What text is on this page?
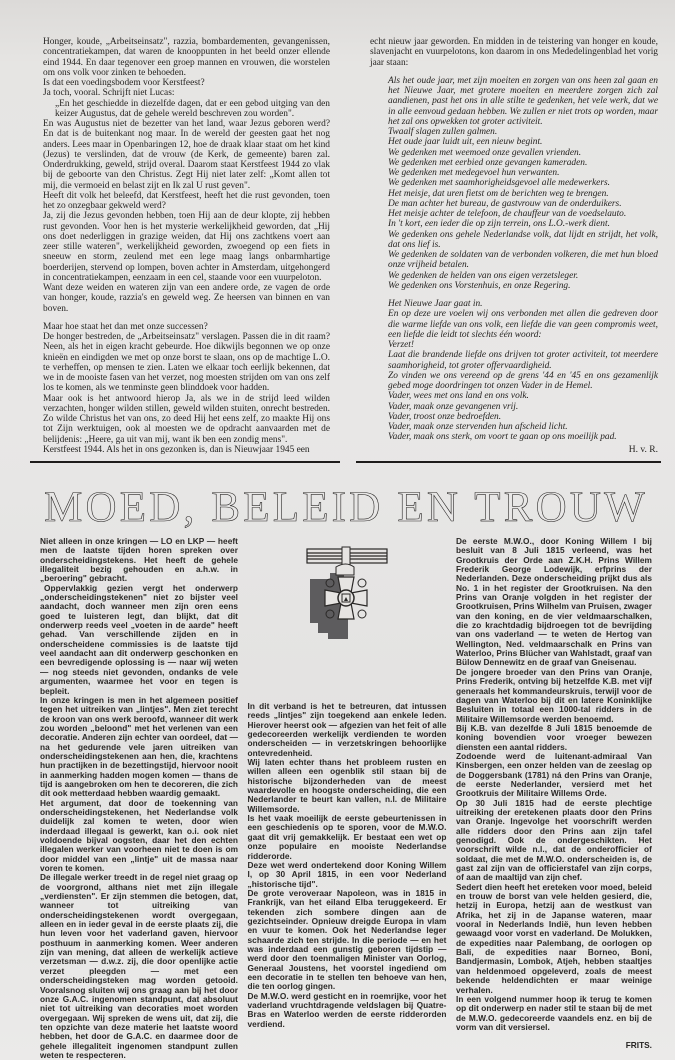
Honger, koude, „Arbeitseinsatz", razzia, bombardementen, gevangenissen, concentratiekampen, dat waren de knooppunten in het beeld onzer ellende eind 1944. En daar tegenover een groep mannen en vrouwen, die worstelen om ons volk voor zinken te behoeden.

Is dat een voedingsbodem voor Kerstfeest?

Ja toch, vooral. Schrijft niet Lucas:

„En het geschiedde in diezelfde dagen, dat er een gebod uitging van den keizer Augustus, dat de gehele wereld beschreven zou worden".

En was Augustus niet de bezetter van het land, waar Jezus geboren werd? En dat is de buitenkant nog maar. In de wereld der geesten gaat het nog anders. Lees maar in Openbaringen 12, hoe de draak klaar staat om het kind (Jezus) te verslinden, dat de vrouw (de Kerk, de gemeente) baren zal. Onderdrukking, geweld, strijd overal. Daarom staat Kerstfeest 1944 zo vlak bij de geboorte van den Christus. Zegt Hij niet later zelf: „Komt allen tot mij, die vermoeid en belast zijt en Ik zal U rust geven".

Heeft dit volk het beleefd, dat Kerstfeest, heeft het die rust gevonden, toen het zo onzegbaar gekweld werd?

Ja, zij die Jezus gevonden hebben, toen Hij aan de deur klopte, zij hebben rust gevonden. Voor hen is het mysterie werkelijkheid geworden, dat „Hij ons doet nederliggen in grazige weiden, dat Hij ons zachtkens voert aan zeer stille wateren", werkelijkheid geworden, zwoegend op een fiets in sneeuw en storm, zeulend met een lege maag langs onbarmhartige boerderijen, stervend op lompen, boven achter in Amsterdam, uitgehongerd in concentratiekampen, eenzaam in een cel, staande voor een vuurpeloton.

Want deze weiden en wateren zijn van een andere orde, ze vagen de orde van honger, koude, razzia's en geweld weg. Ze heersen van binnen en van boven.

Maar hoe staat het dan met onze successen?

De honger bestreden, de „Arbeitseinsatz" verslagen. Passen die in dit raam? Neen, als het in eigen kracht gebeurde. Hoe dikwijls begonnen we op onze knieën en eindigden we met op onze borst te slaan, ons op de machtige L.O. te verheffen, op mensen te zien. Laten we elkaar toch eerlijk bekennen, dat we in de mooiste fasen van het verzet, nog moesten strijden om van ons zelf los te komen, als we tenminste geen blinddoek voor hadden.

Maar ook is het antwoord hierop Ja, als we in de strijd leed wilden verzachten, honger wilden stillen, geweld wilden stuiten, onrecht bestreden. Zo wilde Christus het van ons, zo deed Hij het eens zelf, zo maakte Hij ons tot Zijn werktuigen, ook al moesten we de opdracht aanvaarden met de belijdenis: „Heere, ga uit van mij, want ik ben een zondig mens".

Kerstfeest 1944. Als het in ons gezonken is, dan is Nieuwjaar 1945 een

echt nieuw jaar geworden. En midden in de teistering van honger en koude, slavenjacht en vuurpelotons, kon daarom in ons Mededelingenblad het vorig jaar staan:

Als het oude jaar, met zijn moeiten en zorgen van ons heen zal gaan en het Nieuwe Jaar, met grotere moeiten en meerdere zorgen zich zal aandienen, past het ons in alle stilte te gedenken, het vele werk, dat we in alle eenvoud gedaan hebben. We zullen er niet trots op worden, maar het zal ons opwekken tot groter activiteit.

Twaalf slagen zullen galmen.

Het oude jaar luidt uit, een nieuw begint.

We gedenken met weemoed onze gevallen vrienden.

We gedenken met eerbied onze gevangen kameraden.

We gedenken met medegevoel hun verwanten.

We gedenken met saamhorigheidsgevoel alle medewerkers.

Het meisje, dat uren fietst om de berichten weg te brengen.

De man achter het bureau, de gastvrouw van de onderduikers.

Het meisje achter de telefoon, de chauffeur van de voedselauto.

In 't kort, een ieder die op zijn terrein, ons L.O.-werk dient.

We gedenken ons gehele Nederlandse volk, dat lijdt en strijdt, het volk, dat ons lief is.

We gedenken de soldaten van de verbonden volkeren, die met hun bloed onze vrijheid betalen.

We gedenken de helden van ons eigen verzetsleger.

We gedenken ons Vorstenhuis, en onze Regering.

Het Nieuwe Jaar gaat in.

En op deze ure voelen wij ons verbonden met allen die gedreven door die warme liefde van ons volk, een liefde die van geen compromis weet, een liefde die leidt tot slechts één woord:

Verzet!

Laat die brandende liefde ons drijven tot groter activiteit, tot meerdere saamhorigheid, tot groter offervaardigheid.

Zo vinden we ons vereend op de grens '44 en '45 en ons gezamenlijk gebed moge doordringen tot onzen Vader in de Hemel.

Vader, wees met ons land en ons volk.

Vader, maak onze gevangenen vrij.

Vader, troost onze bedroefden.

Vader, maak onze stervenden hun afscheid licht.

Vader, maak ons sterk, om voort te gaan op ons moeilijk pad.

H. v. R.
MOED, BELEID EN TROUW

Niet alleen in onze kringen — LO en LKP — heeft men de laatste tijden horen spreken over onderscheidingstekens. Het heeft de gehele illegaliteit bezig gehouden en a.h.w. in „beroering" gebracht.

Oppervlakkig gezien vergt het onderwerp „onderscheidingstekenen" niet zo bijster veel aandacht, doch wanneer men zijn oren eens goed te luisteren legt, dan blijkt, dat dit onderwerp reeds veel „voeten in de aarde" heeft gehad. Van verschillende zijden en in onderscheidene commissies is de laatste tijd veel aandacht aan dit onderwerp geschonken en een bevredigende oplossing is — naar wij weten — nog steeds niet gevonden, ondanks de vele argumenten, waarmee het voor en tegen is bepleit.

In onze kringen is men in het algemeen positief tegen het uitreiken van „lintjes". Men ziet terecht de kroon van ons werk beroofd, wanneer dit werk zou worden „beloond" met het verlenen van een decoratie. Anderen zijn echter van oordeel, dat — na het gedurende vele jaren uitreiken van onderscheidingstekenen aan hen, die, krachtens hun practijken in de bezettingstijd, hiervoor nooit in aanmerking hadden mogen komen — thans de tijd is aangebroken om hen te decoreren, die zich dit ook metterdaad hebben waardig gemaakt.

Het argument, dat door de toekenning van onderscheidingstekenen, het Nederlandse volk duidelijk zal komen te weten, door wien inderdaad illegaal is gewerkt, kan o.i. ook niet voldoende bijval oogsten, daar het den echten illegalen werker van voorheen niet te doen is om door middel van een „lintje" uit de massa naar voren te komen.

De illegale werker treedt in de regel niet graag op de voorgrond, althans niet met zijn illegale „verdiensten". Er zijn stemmen die betogen, dat, wanneer tot uitreiking van onderscheidingstekenen wordt overgegaan, alleen en in ieder geval in de eerste plaats zij, die hun leven voor het vaderland gaven, hiervoor posthuum in aanmerking komen. Weer anderen zijn van mening, dat alleen de werkelijk actieve verzetsman — d.w.z. zij, die door openlijke actie verzet pleegden — met een onderscheidingsteken mag worden getooid. Vooralsnog sluiten wij ons graag aan bij het door onze G.A.C. ingenomen standpunt, dat absoluut niet tot uitreiking van decoraties moet worden overgegaan. Wij spreken de wens uit, dat zij, die ten opzichte van deze materie het laatste woord hebben, het door de G.A.C. en daarmee door de gehele illegaliteit ingenomen standpunt zullen weten te respecteren.

In dit verband is het te betreuren, dat intussen reeds „lintjes" zijn toegekend aan enkele leden. Hierover heerst ook — afgezien van het feit of alle gedecoreerden werkelijk verdienden te worden onderscheiden — in verzetskringen behoorlijke ontevredenheid.

Wij laten echter thans het probleem rusten en willen alleen een ogenblik stil staan bij de historische bijzonderheden van de meest waardevolle en hoogste onderscheiding, die een Nederlander te beurt kan vallen, n.l. de Militaire Willemsorde.

Is het vaak moeilijk de eerste gebeurtenissen in een geschiedenis op te sporen, voor de M.W.O. gaat dit vrij gemakkelijk. Er bestaat een wet op onze populaire en mooiste Nederlandse ridderorde.

Deze wet werd ondertekend door Koning Willem I, op 30 April 1815, in een voor Nederland „historische tijd".

De grote veroveraar Napoleon, was in 1815 in Frankrijk, van het eiland Elba teruggekeerd. Er tekenden zich sombere dingen aan de gezichtseinder. Opnieuw dreigde Europa in vlam en vuur te komen. Ook het Nederlandse leger schaarde zich ten strijde. In die periode — en het was inderdaad een gunstig geboren tijdstip — werd door den toenmaligen Minister van Oorlog, Generaal Joustens, het voorstel ingediend om een decoratie in te stellen ten behoeve van hen, die ten oorlog gingen.

De M.W.O. werd gesticht en in roemrijke, voor het vaderland vruchtdragende veldslagen bij Quatre-Bras en Waterloo werden de eerste ridderorden verdiend.

De eerste M.W.O., door Koning Willem I bij besluit van 8 Juli 1815 verleend, was het Grootkruis der Orde aan Z.K.H. Prins Willem Frederik George Lodewijk, erfprins der Nederlanden. Deze onderscheiding prijkt dus als No. 1 in het register der Grootkruisen. Na den Prins van Oranje volgden in het register der Grootkruisen, Prins Wilhelm van Pruisen, zwager van den koning, en de vier veldmaarschalken, die zo krachtdadig bijdroegen tot de bevrijding van ons vaderland — te weten de Hertog van Wellington, Ned. veldmaarschalk en Prins van Waterloo, Prins Blücher van Wahlstadt, graaf van Bülow Dennewitz en de graaf van Gneisenau.

De jongere broeder van den Prins van Oranje, Prins Frederik, ontving bij hetzelfde K.B. met vijf generaals het kommandeurskruis, terwijl voor de dagen van Waterloo bij dit en latere Koninklijke Besluiten in totaal een 1000-tal ridders in de Militaire Willemsorde werden benoemd.

Bij K.B. van dezelfde 8 Juli 1815 benoemde de koning bovendien voor vroeger bewezen diensten een aantal ridders.

Zodoende werd de luitenant-admiraal Van Kinsbergen, een onzer helden van de zeeslag op de Doggersbank (1781) ná den Prins van Oranje, de eerste Nederlander, versierd met het Grootkruis der Militaire Willems Orde.

Op 30 Juli 1815 had de eerste plechtige uitreiking der eretekenen plaats door den Prins van Oranje. Ingevolge het voorschrift werden alle ridders door den Prins aan zijn tafel genodigd. Ook de ondergeschikten. Het voorschrift wilde n.l., dat de onderofficier of soldaat, die met de M.W.O. onderscheiden is, de gast zal zijn van de officierstafel van zijn corps, of aan de maaltijd van zijn chef.

Sedert dien heeft het ereteken voor moed, beleid en trouw de borst van vele helden gesierd, die, hetzij in Europa, hetzij aan de westkust van Afrika, het zij in de Japanse wateren, maar vooral in Nederlands Indië, hun leven hebben gewaagd voor vorst en vaderland. De Molukken, de expedities naar Palembang, de oorlogen op Bali, de expedities naar Borneo, Boni, Bandjermasin, Lombok, Atjeh, hebben staaltjes van heldenmoed opgeleverd, zoals de meest bekende heldendichten er maar weinige verhalen.

In een volgend nummer hoop ik terug te komen op dit onderwerp en nader stil te staan bij de met de M.W.O. gedecoreerde vaandels enz. en bij de vorm van dit versiersel.

FRITS.
